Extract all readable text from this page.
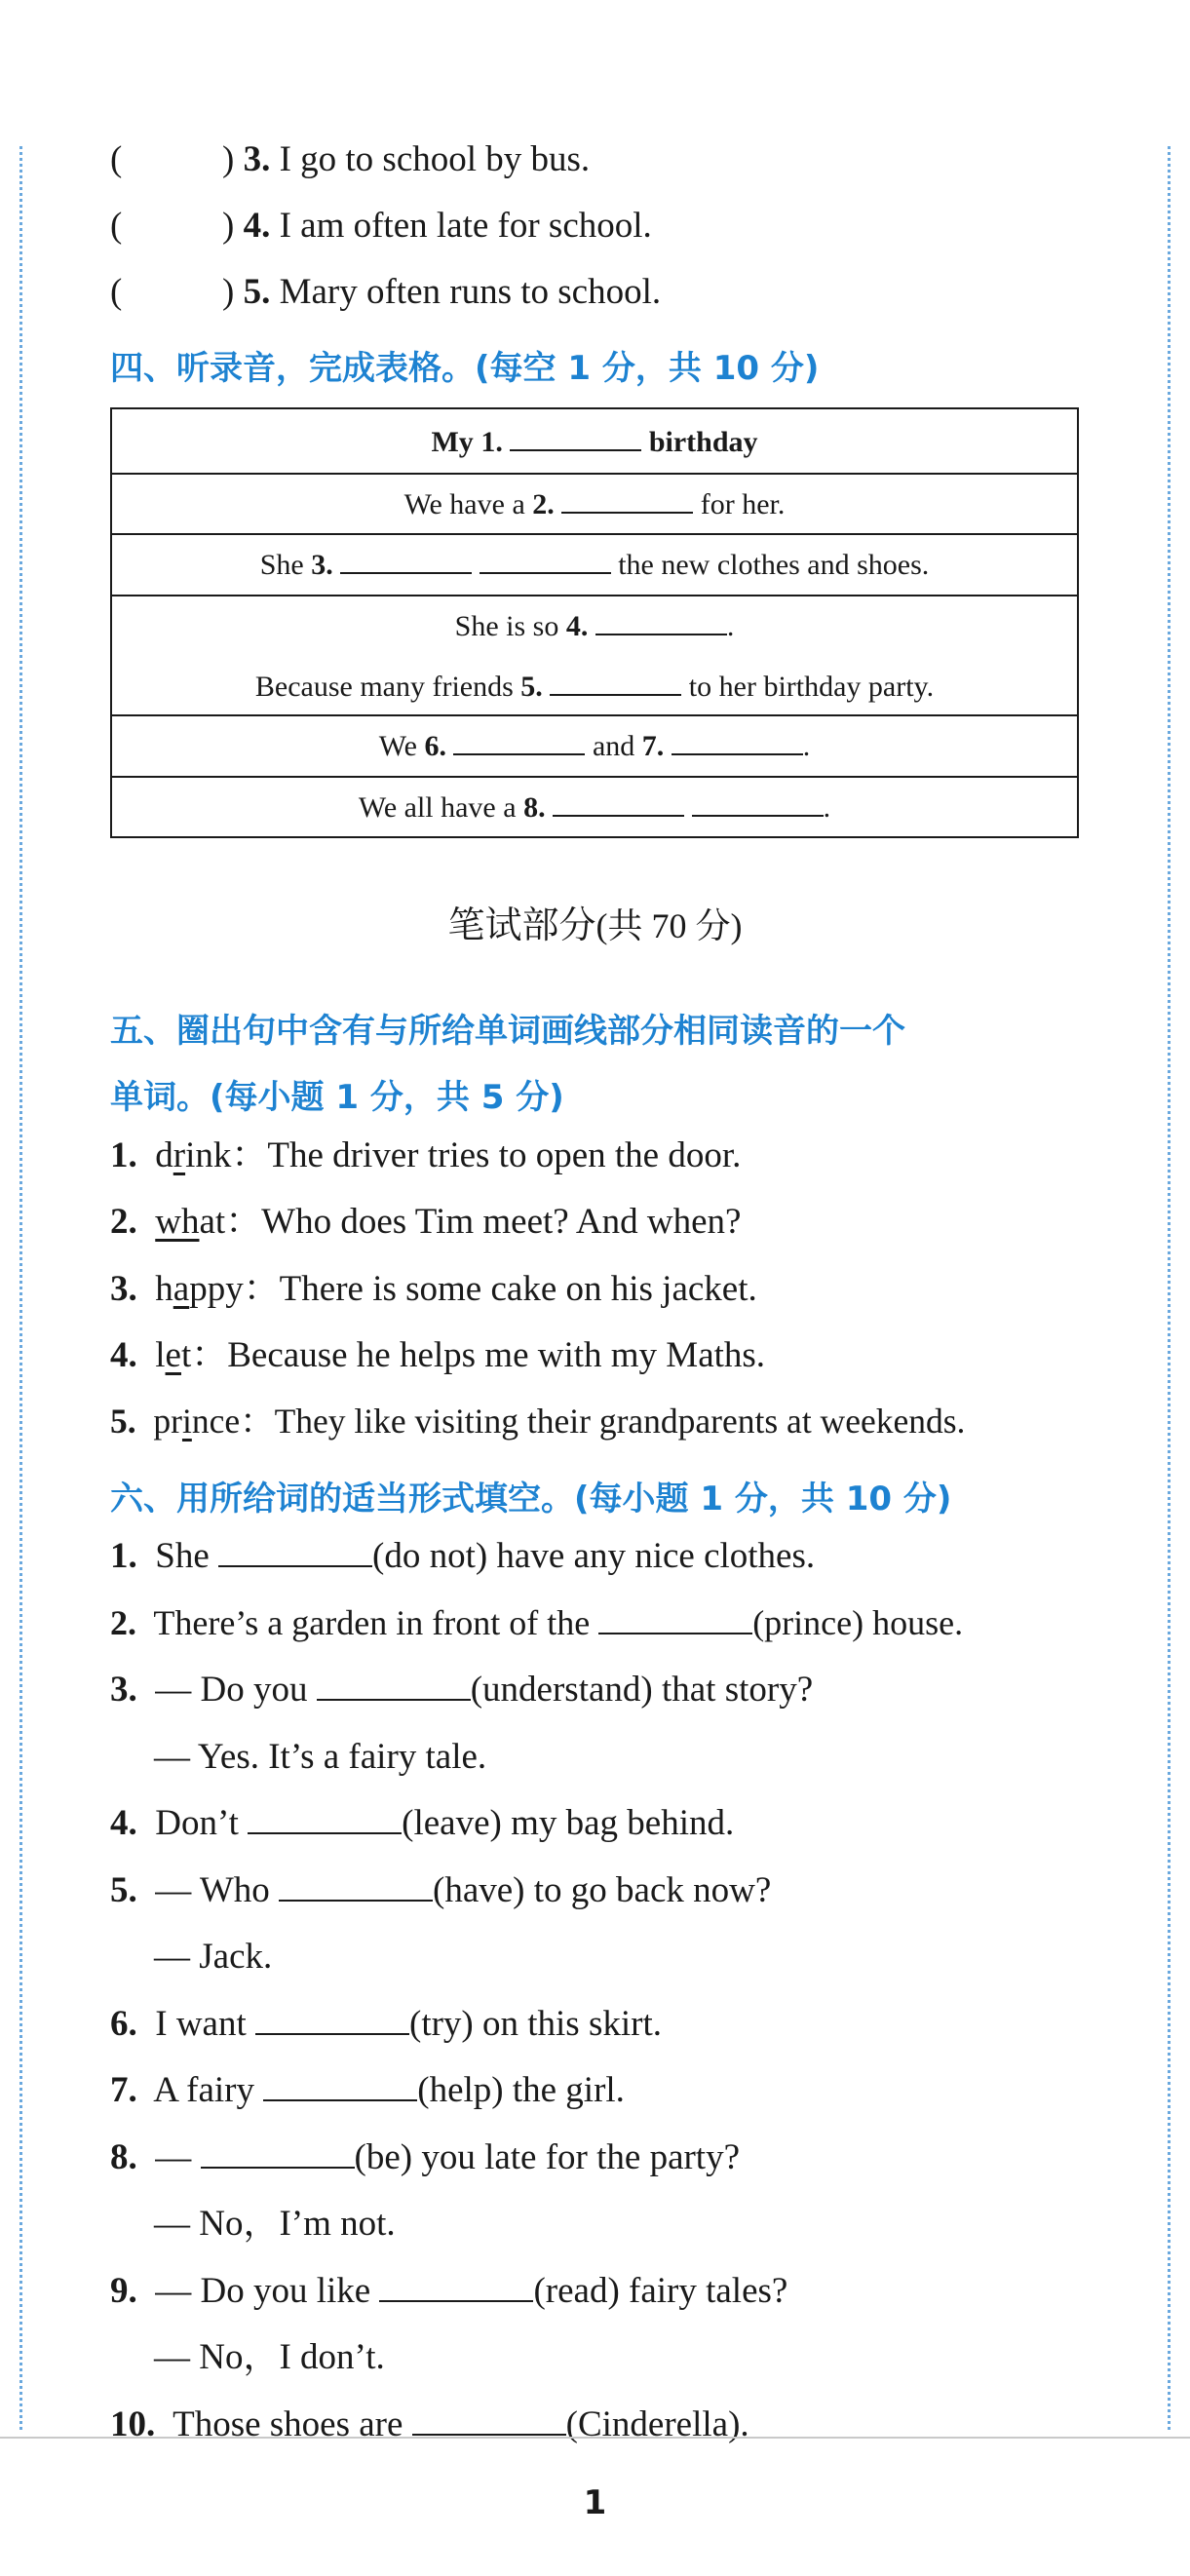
(	) 3. I go to school by bus.
(	) 4. I am often late for school.
(	) 5. Mary often runs to school.
四、听录音，完成表格。(每空 1 分，共 10 分)
My 1.	birthday
We have a 2.	for her.
She 3.	the new clothes and shoes.
She is so 4.	.
Because many friends 5.	to her birthday party.
We 6.	and 7.	.
We all have a 8.	.
笔试部分(共 70 分)
五、圈出句中含有与所给单词画线部分相同读音的一个
单词。(每小题 1 分，共 5 分)
1. drink：The driver tries to open the door.
2. what：Who does Tim meet? And when?
3. happy：There is some cake on his jacket.
4. let：Because he helps me with my Maths.
5. prince：They like visiting their grandparents at weekends.
六、用所给词的适当形式填空。(每小题 1 分，共 10 分)
1. She	(do not) have any nice clothes.
2. There’s a garden in front of the	(prince) house.
3. — Do you	(understand) that story?
— Yes. It’s a fairy tale.
4. Don’t	(leave) my bag behind.
5. — Who	(have) to go back now?
— Jack.
6. I want	(try) on this skirt.
7. A fairy	(help) the girl.
8. —	(be) you late for the party?
— No，I’m not.
9. — Do you like	(read) fairy tales?
— No，I don’t.
10. Those shoes are	(Cinderella).
1
